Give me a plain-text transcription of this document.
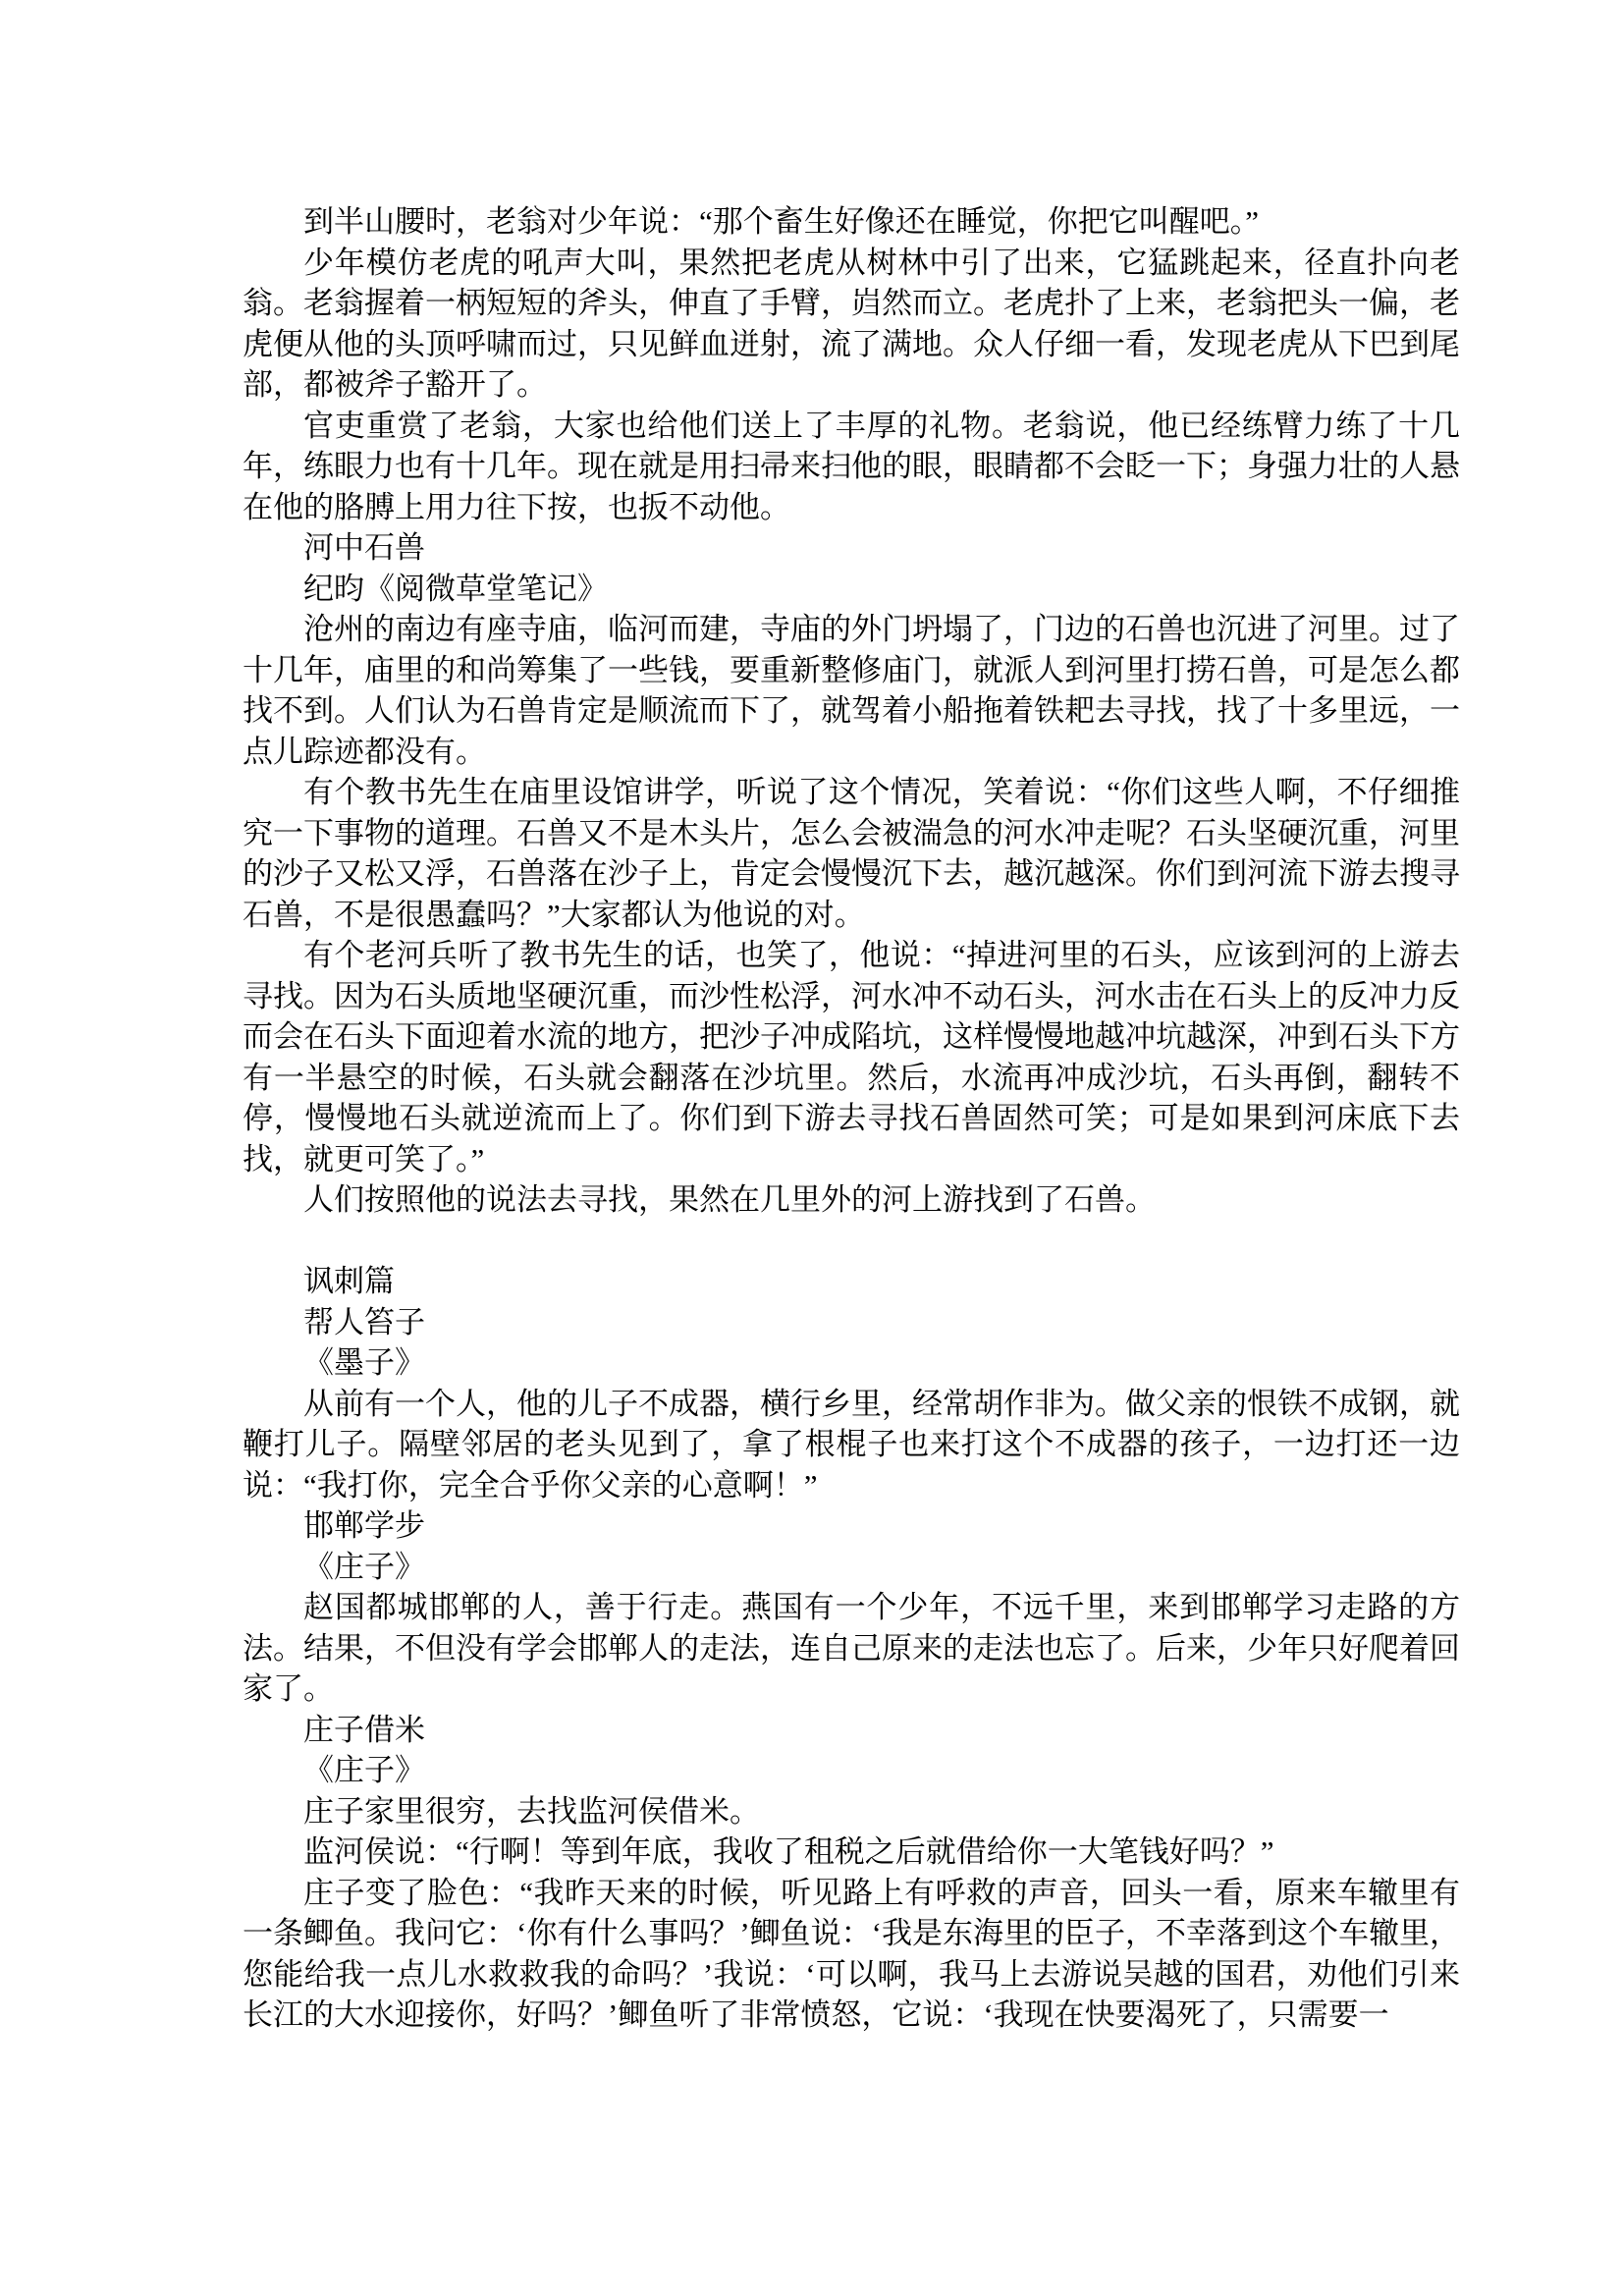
到半山腰时，老翁对少年说：“那个畜生好像还在睡觉，你把它叫醒吧。”

少年模仿老虎的吼声大叫，果然把老虎从树林中引了出来，它猛跳起来，径直扑向老翁。老翁握着一柄短短的斧头，伸直了手臂，岿然而立。老虎扑了上来，老翁把头一偏，老虎便从他的头顶呼啸而过，只见鲜血迸射，流了满地。众人仔细一看，发现老虎从下巴到尾部，都被斧子豁开了。

官吏重赏了老翁，大家也给他们送上了丰厚的礼物。老翁说，他已经练臂力练了十几年，练眼力也有十几年。现在就是用扫帚来扫他的眼，眼睛都不会眨一下；身强力壮的人悬在他的胳膊上用力往下按，也扳不动他。

河中石兽

纪昀《阅微草堂笔记》

沧州的南边有座寺庙，临河而建，寺庙的外门坍塌了，门边的石兽也沉进了河里。过了十几年，庙里的和尚筹集了一些钱，要重新整修庙门，就派人到河里打捞石兽，可是怎么都找不到。人们认为石兽肯定是顺流而下了，就驾着小船拖着铁耙去寻找，找了十多里远，一点儿踪迹都没有。

有个教书先生在庙里设馆讲学，听说了这个情况，笑着说：“你们这些人啊，不仔细推究一下事物的道理。石兽又不是木头片，怎么会被湍急的河水冲走呢？石头坚硬沉重，河里的沙子又松又浮，石兽落在沙子上，肯定会慢慢沉下去，越沉越深。你们到河流下游去搜寻石兽，不是很愚蠢吗？”大家都认为他说的对。

有个老河兵听了教书先生的话，也笑了，他说：“掉进河里的石头，应该到河的上游去寻找。因为石头质地坚硬沉重，而沙性松浮，河水冲不动石头，河水击在石头上的反冲力反而会在石头下面迎着水流的地方，把沙子冲成陷坑，这样慢慢地越冲坑越深，冲到石头下方有一半悬空的时候，石头就会翻落在沙坑里。然后，水流再冲成沙坑，石头再倒，翻转不停，慢慢地石头就逆流而上了。你们到下游去寻找石兽固然可笑；可是如果到河床底下去找，就更可笑了。”

人们按照他的说法去寻找，果然在几里外的河上游找到了石兽。

讽刺篇

帮人笞子

《墨子》

从前有一个人，他的儿子不成器，横行乡里，经常胡作非为。做父亲的恨铁不成钢，就鞭打儿子。隔壁邻居的老头见到了，拿了根棍子也来打这个不成器的孩子，一边打还一边说：“我打你，完全合乎你父亲的心意啊！”

邯郸学步

《庄子》

赵国都城邯郸的人，善于行走。燕国有一个少年，不远千里，来到邯郸学习走路的方法。结果，不但没有学会邯郸人的走法，连自己原来的走法也忘了。后来，少年只好爬着回家了。

庄子借米

《庄子》

庄子家里很穷，去找监河侯借米。

监河侯说：“行啊！等到年底，我收了租税之后就借给你一大笔钱好吗？”

庄子变了脸色：“我昨天来的时候，听见路上有呼救的声音，回头一看，原来车辙里有一条鲫鱼。我问它：‘你有什么事吗？’鲫鱼说：‘我是东海里的臣子，不幸落到这个车辙里，您能给我一点儿水救救我的命吗？’我说：‘可以啊，我马上去游说吴越的国君，劝他们引来长江的大水迎接你，好吗？’鲫鱼听了非常愤怒，它说：‘我现在快要渴死了，只需要一
